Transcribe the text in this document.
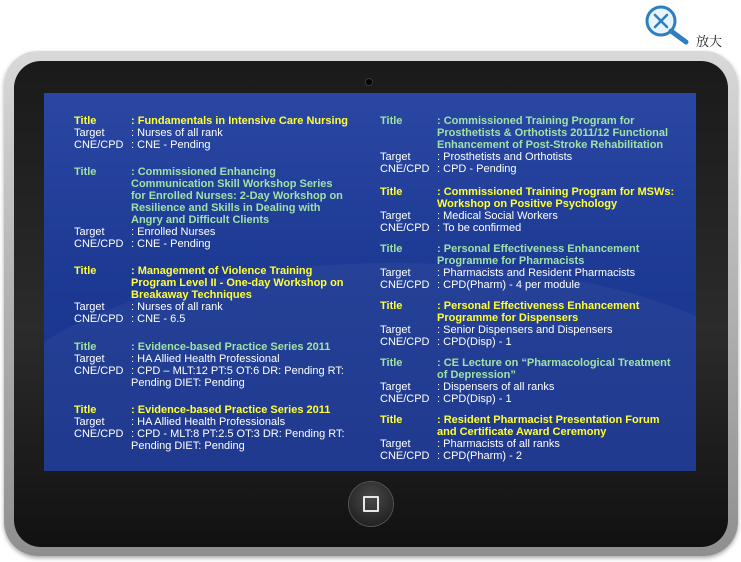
放大
Title	: Fundamentals in Intensive Care Nursing
Target	: Nurses of all rank
CNE/CPD : CNE - Pending
Title	: Commissioned Enhancing Communication Skill Workshop Series for Enrolled Nurses: 2-Day Workshop on Resilience and Skills in Dealing with Angry and Difficult Clients
Target	: Enrolled Nurses
CNE/CPD : CNE - Pending
Title	: Management of Violence Training Program Level II - One-day Workshop on Breakaway Techniques
Target	: Nurses of all rank
CNE/CPD : CNE - 6.5
Title	: Evidence-based Practice Series 2011
Target	: HA Allied Health Professional
CNE/CPD : CPD – MLT:12 PT:5 OT:6 DR: Pending RT: Pending DIET: Pending
Title	: Evidence-based Practice Series 2011
Target	: HA Allied Health Professionals
CNE/CPD : CPD - MLT:8 PT:2.5 OT:3 DR: Pending RT: Pending DIET: Pending
Title	: Commissioned Training Program for Prosthetists & Orthotists 2011/12 Functional Enhancement of Post-Stroke Rehabilitation
Target	: Prosthetists and Orthotists
CNE/CPD : CPD - Pending
Title	: Commissioned Training Program for MSWs: Workshop on Positive Psychology
Target	: Medical Social Workers
CNE/CPD : To be confirmed
Title	: Personal Effectiveness Enhancement Programme for Pharmacists
Target	: Pharmacists and Resident Pharmacists
CNE/CPD : CPD(Pharm) - 4 per module
Title	: Personal Effectiveness Enhancement Programme for Dispensers
Target	: Senior Dispensers and Dispensers
CNE/CPD : CPD(Disp) - 1
Title	: CE Lecture on “Pharmacological Treatment of Depression”
Target	: Dispensers of all ranks
CNE/CPD : CPD(Disp) - 1
Title	: Resident Pharmacist Presentation Forum and Certificate Award Ceremony
Target	: Pharmacists of all ranks
CNE/CPD : CPD(Pharm) - 2
